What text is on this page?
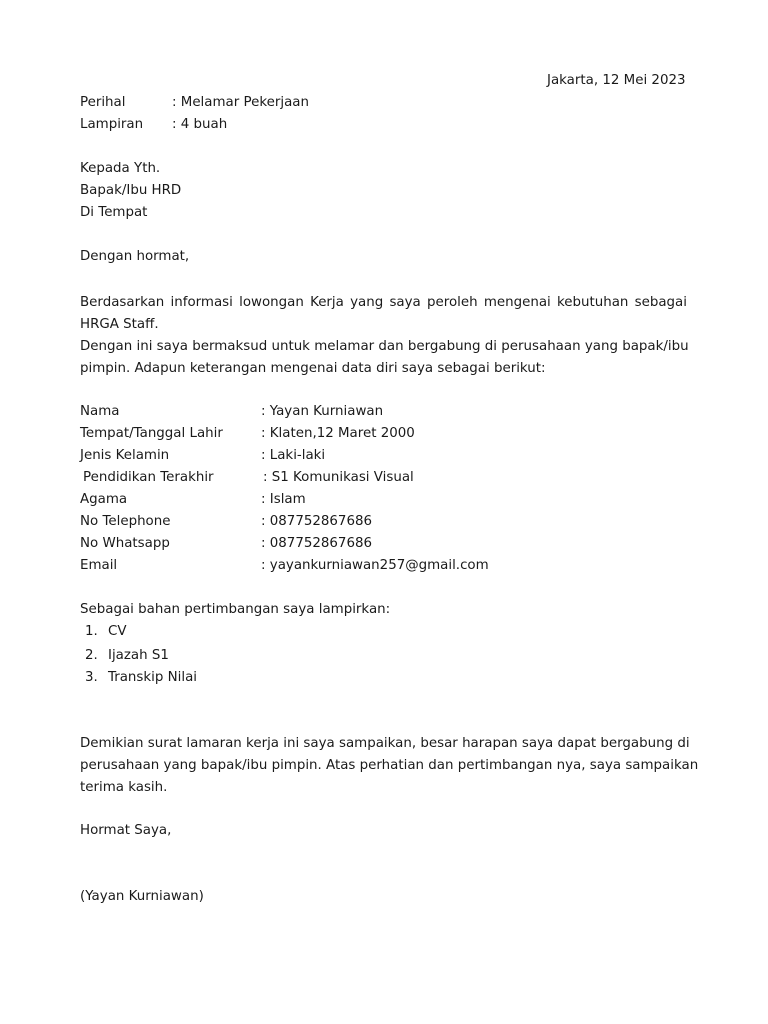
Jakarta, 12 Mei 2023
Perihal	: Melamar Pekerjaan
Lampiran : 4 buah
Kepada Yth.
Bapak/Ibu HRD
Di Tempat
Dengan hormat,
Berdasarkan informasi lowongan Kerja yang saya peroleh mengenai kebutuhan sebagai
HRGA Staff.
Dengan ini saya bermaksud untuk melamar dan bergabung di perusahaan yang bapak/ibu
pimpin. Adapun keterangan mengenai data diri saya sebagai berikut:
Nama	: Yayan Kurniawan
Tempat/Tanggal Lahir	: Klaten,12 Maret 2000
Jenis Kelamin	: Laki-laki
Pendidikan Terakhir	: S1 Komunikasi Visual
Agama	: Islam
No Telephone	: 087752867686
No Whatsapp	: 087752867686
Email	: yayankurniawan257@gmail.com
Sebagai bahan pertimbangan saya lampirkan:
1. CV
2. Ijazah S1
3. Transkip Nilai
Demikian surat lamaran kerja ini saya sampaikan, besar harapan saya dapat bergabung di
perusahaan yang bapak/ibu pimpin. Atas perhatian dan pertimbangan nya, saya sampaikan
terima kasih.
Hormat Saya,
(Yayan Kurniawan)
